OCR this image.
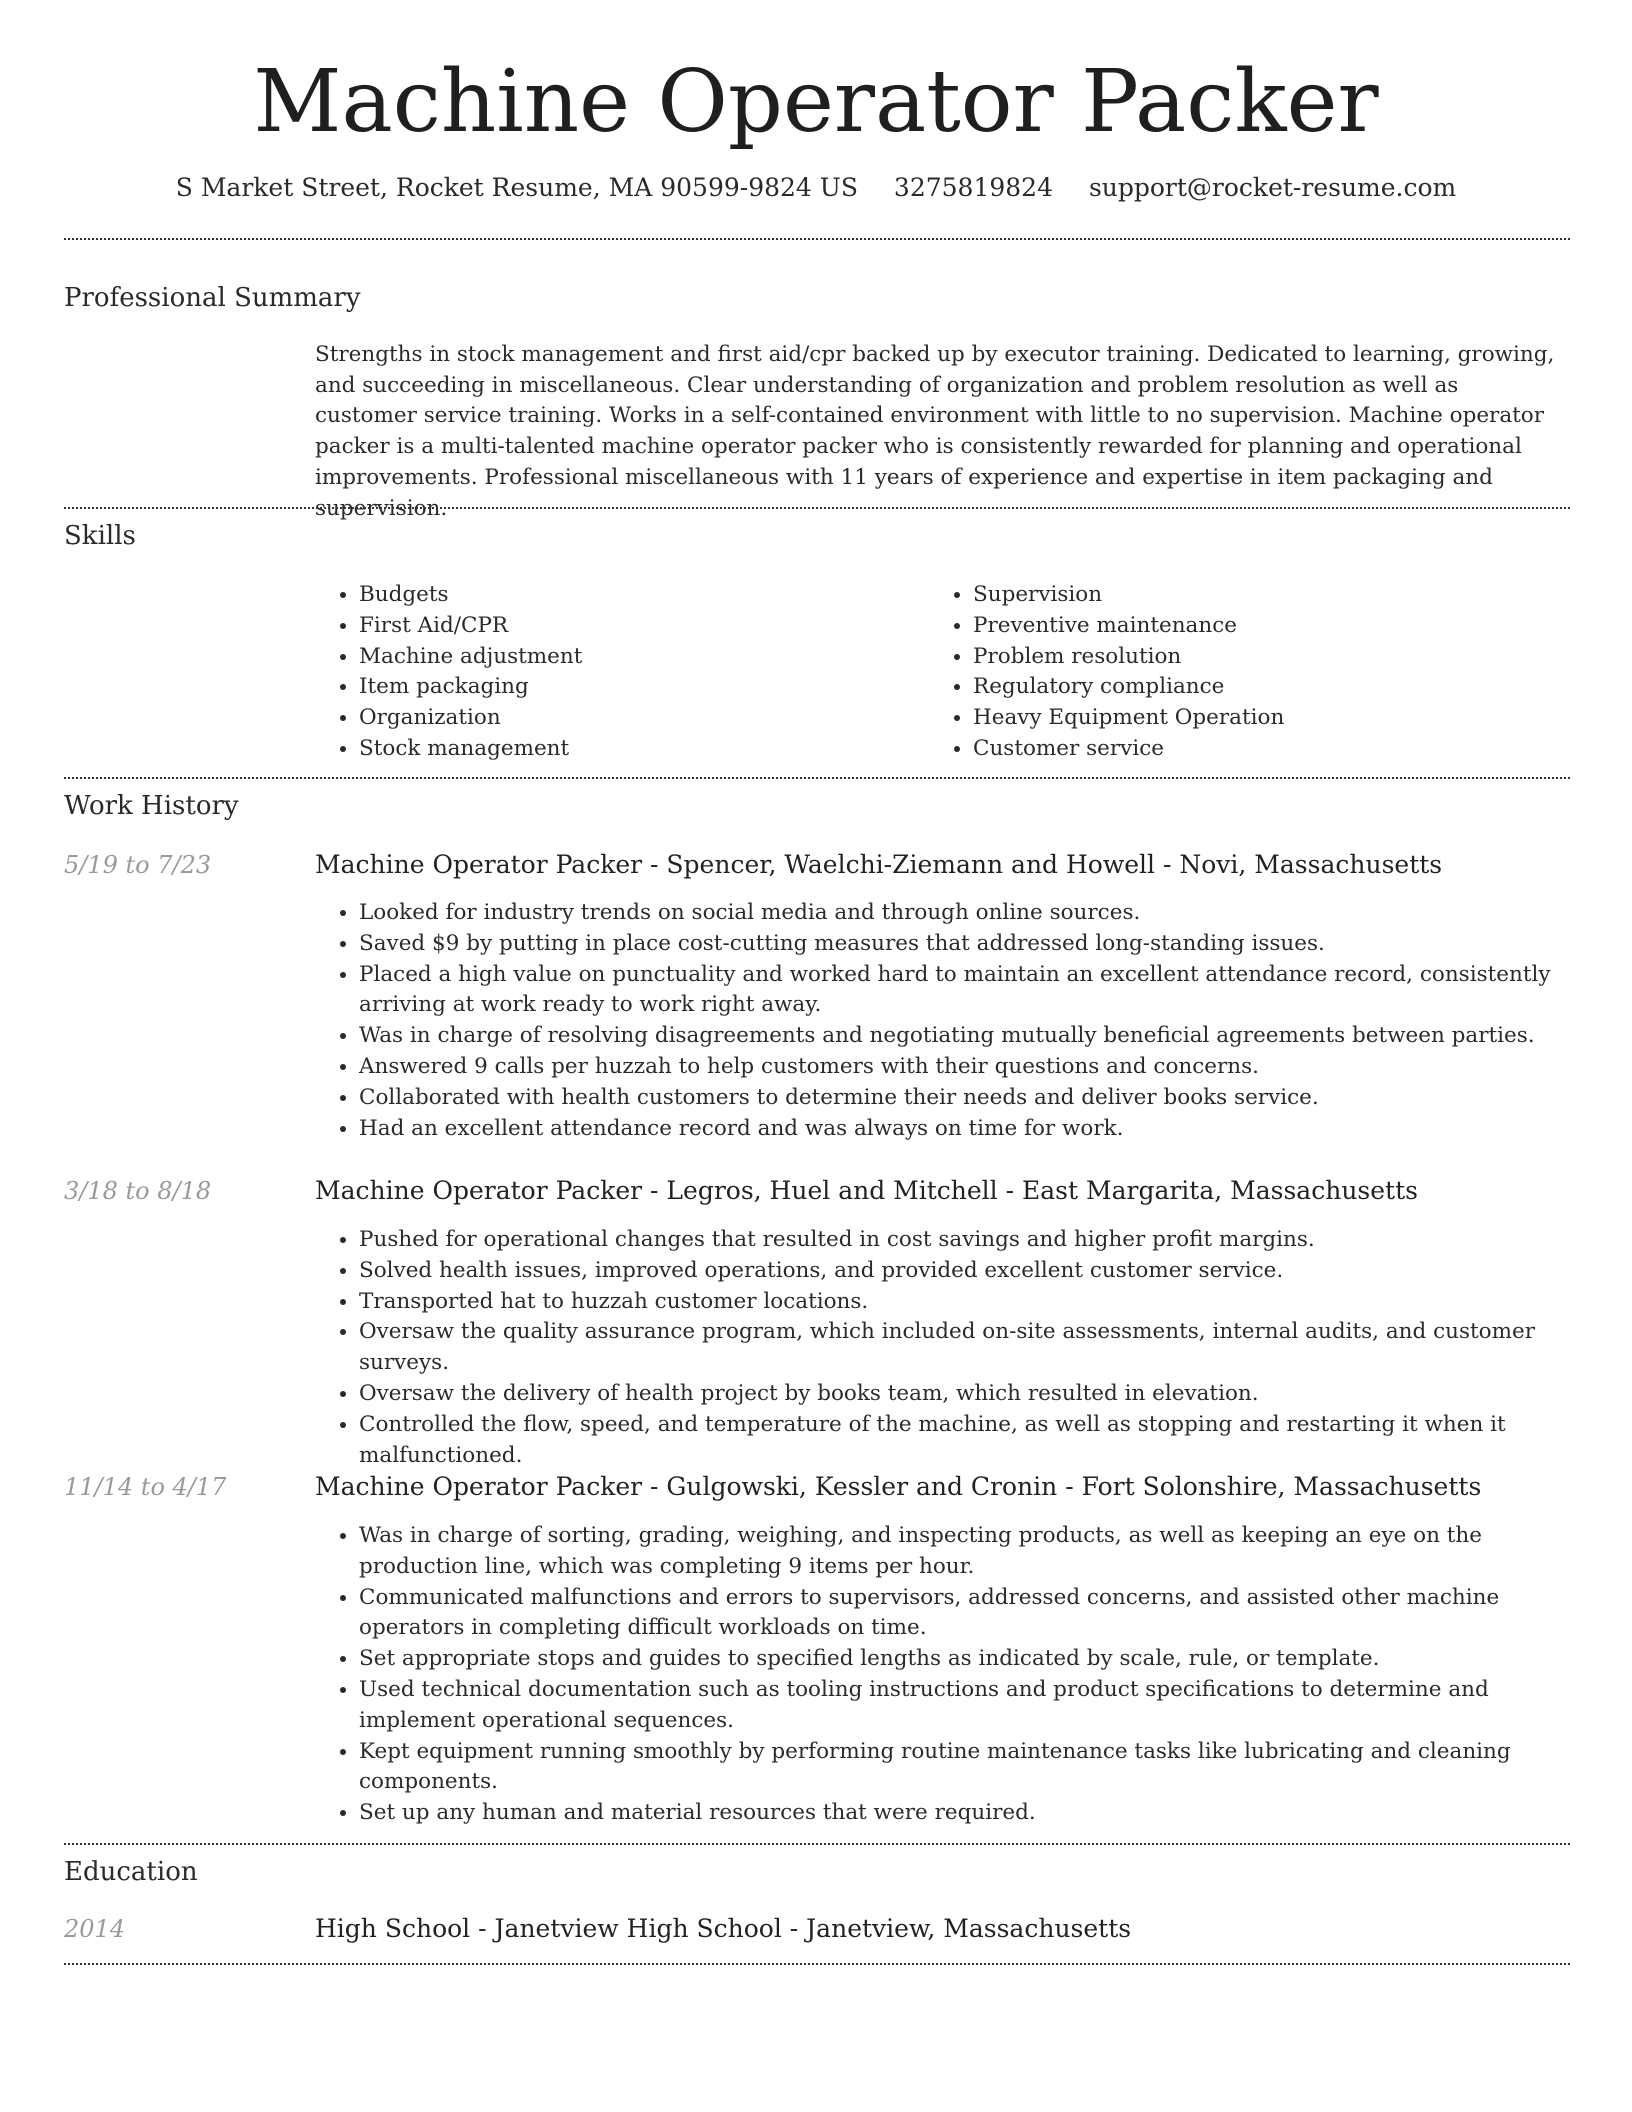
Machine Operator Packer
S Market Street, Rocket Resume, MA 90599-9824 US 3275819824 support@rocket-resume.com
Professional Summary

Strengths in stock management and first aid/cpr backed up by executor training. Dedicated to learning, growing, and succeeding in miscellaneous. Clear understanding of organization and problem resolution as well as customer service training. Works in a self-contained environment with little to no supervision. Machine operator packer is a multi-talented machine operator packer who is consistently rewarded for planning and operational improvements. Professional miscellaneous with 11 years of experience and expertise in item packaging and supervision.

Skills
• Budgets
• First Aid/CPR
• Machine adjustment
• Item packaging
• Organization
• Stock management
• Supervision
• Preventive maintenance
• Problem resolution
• Regulatory compliance
• Heavy Equipment Operation
• Customer service
Work History
5/19 to 7/23	Machine Operator Packer - Spencer, Waelchi-Ziemann and Howell - Novi, Massachusetts
• Looked for industry trends on social media and through online sources.
• Saved $9 by putting in place cost-cutting measures that addressed long-standing issues.
• Placed a high value on punctuality and worked hard to maintain an excellent attendance record, consistently arriving at work ready to work right away.
• Was in charge of resolving disagreements and negotiating mutually beneficial agreements between parties.
• Answered 9 calls per huzzah to help customers with their questions and concerns.
• Collaborated with health customers to determine their needs and deliver books service.
• Had an excellent attendance record and was always on time for work.
3/18 to 8/18	Machine Operator Packer - Legros, Huel and Mitchell - East Margarita, Massachusetts
• Pushed for operational changes that resulted in cost savings and higher profit margins.
• Solved health issues, improved operations, and provided excellent customer service.
• Transported hat to huzzah customer locations.
• Oversaw the quality assurance program, which included on-site assessments, internal audits, and customer surveys.
• Oversaw the delivery of health project by books team, which resulted in elevation.
• Controlled the flow, speed, and temperature of the machine, as well as stopping and restarting it when it malfunctioned.
11/14 to 4/17	Machine Operator Packer - Gulgowski, Kessler and Cronin - Fort Solonshire, Massachusetts
• Was in charge of sorting, grading, weighing, and inspecting products, as well as keeping an eye on the production line, which was completing 9 items per hour.
• Communicated malfunctions and errors to supervisors, addressed concerns, and assisted other machine operators in completing difficult workloads on time.
• Set appropriate stops and guides to specified lengths as indicated by scale, rule, or template.
• Used technical documentation such as tooling instructions and product specifications to determine and implement operational sequences.
• Kept equipment running smoothly by performing routine maintenance tasks like lubricating and cleaning components.
• Set up any human and material resources that were required.
Education
2014	High School - Janetview High School - Janetview, Massachusetts
